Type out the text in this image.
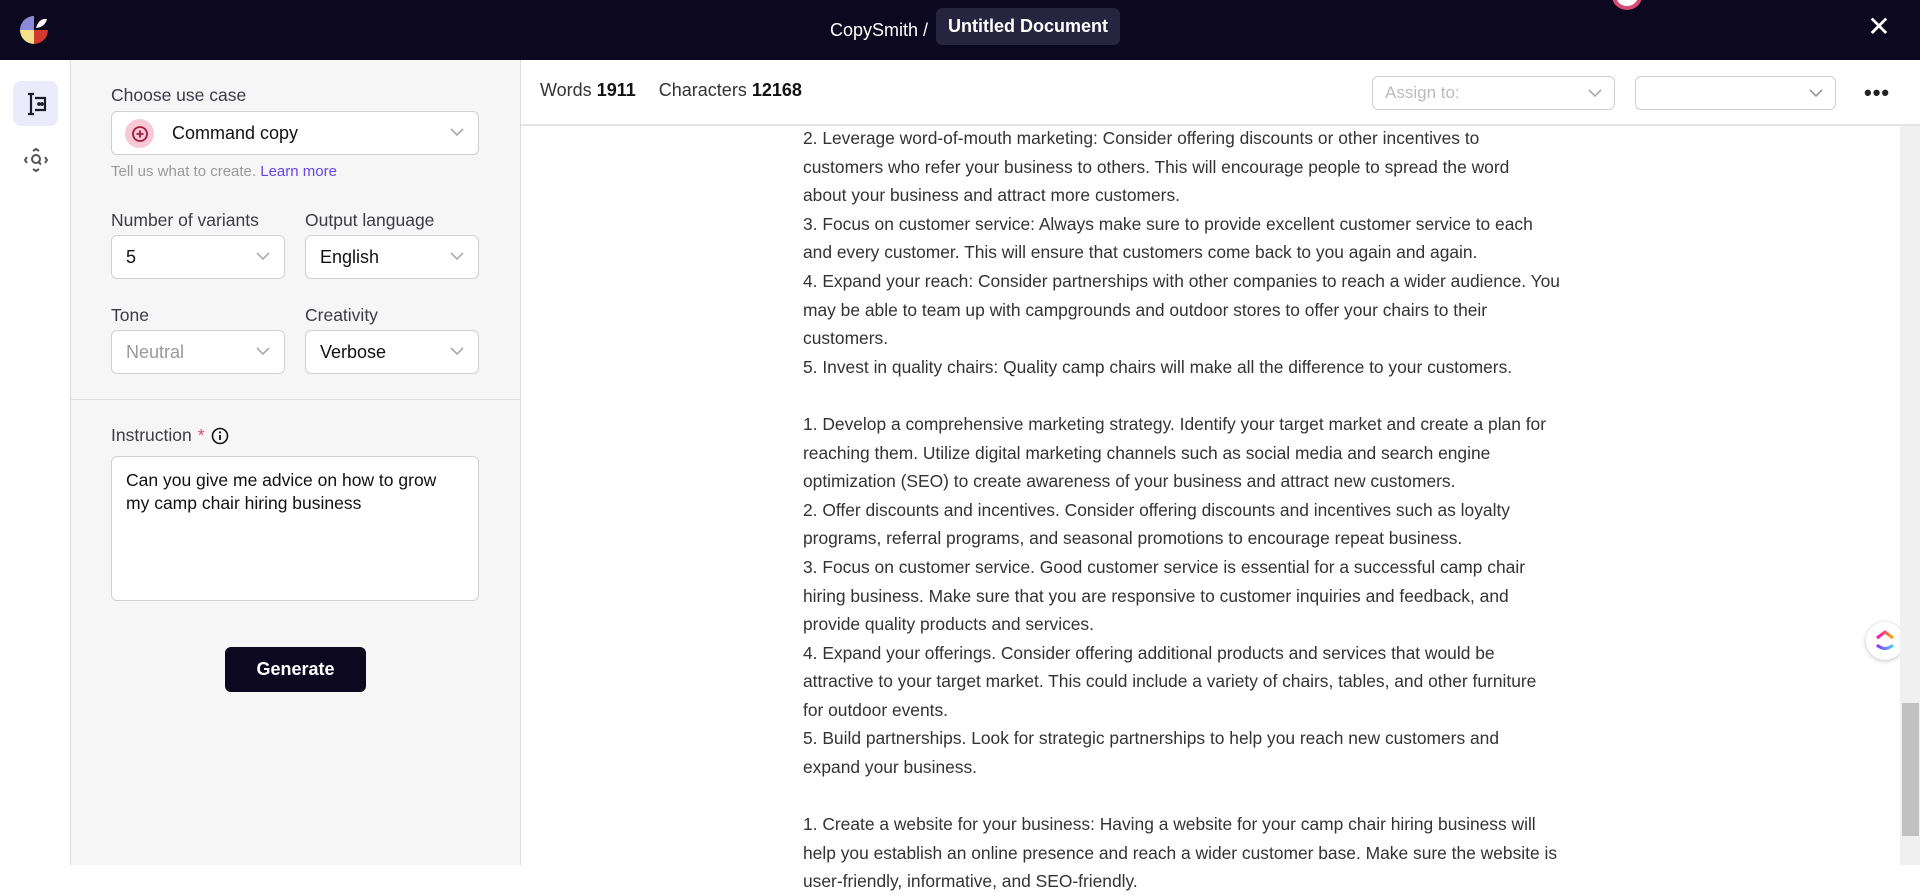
CopySmith /	Untitled Document	✕
Choose use case
Command copy
Tell us what to create. Learn more
Number of variants
5
Output language
English
Tone
Neutral
Creativity
Verbose
Instruction *
Can you give me advice on how to grow my camp chair hiring business
Generate
Words 1911 Characters 12168	Assign to:	•••
2. Leverage word-of-mouth marketing: Consider offering discounts or other incentives to
customers who refer your business to others. This will encourage people to spread the word
about your business and attract more customers.
3. Focus on customer service: Always make sure to provide excellent customer service to each
and every customer. This will ensure that customers come back to you again and again.
4. Expand your reach: Consider partnerships with other companies to reach a wider audience. You
may be able to team up with campgrounds and outdoor stores to offer your chairs to their
customers.
5. Invest in quality chairs: Quality camp chairs will make all the difference to your customers.
1. Develop a comprehensive marketing strategy. Identify your target market and create a plan for
reaching them. Utilize digital marketing channels such as social media and search engine
optimization (SEO) to create awareness of your business and attract new customers.
2. Offer discounts and incentives. Consider offering discounts and incentives such as loyalty
programs, referral programs, and seasonal promotions to encourage repeat business.
3. Focus on customer service. Good customer service is essential for a successful camp chair
hiring business. Make sure that you are responsive to customer inquiries and feedback, and
provide quality products and services.
4. Expand your offerings. Consider offering additional products and services that would be
attractive to your target market. This could include a variety of chairs, tables, and other furniture
for outdoor events.
5. Build partnerships. Look for strategic partnerships to help you reach new customers and
expand your business.
1. Create a website for your business: Having a website for your camp chair hiring business will
help you establish an online presence and reach a wider customer base. Make sure the website is
user-friendly, informative, and SEO-friendly.
